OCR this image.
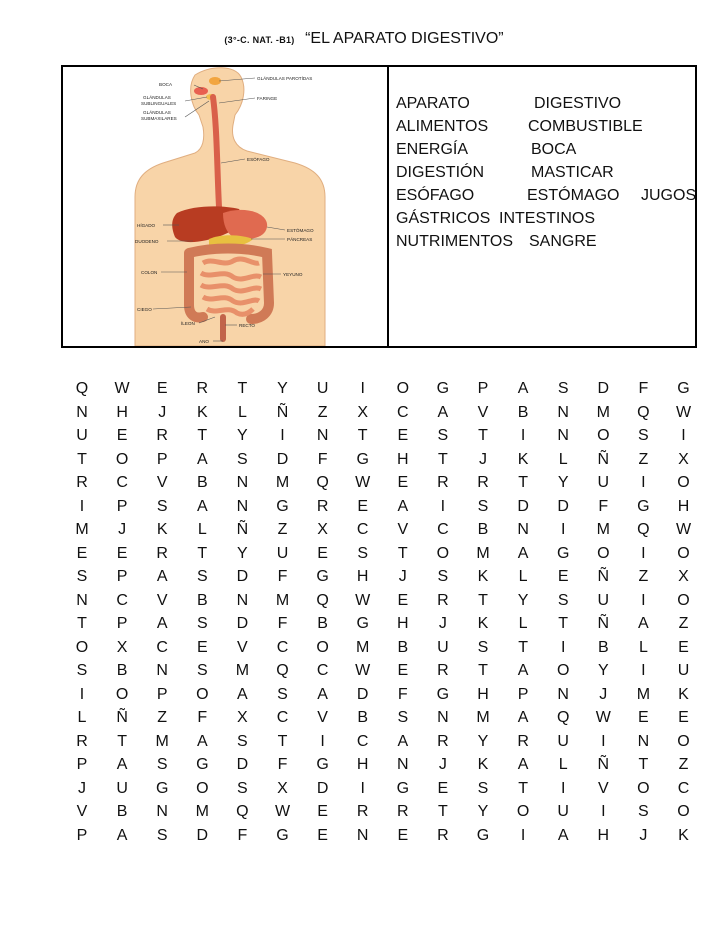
(3°-C. NAT. -B1) “EL APARATO DIGESTIVO”
GLÁNDULAS PAROTÍDAS
BOCA
GLÁNDULAS
SUBLINGUALES
GLÁNDULAS
SUBMAXILARES
FARINGE
ESÓFAGO
HÍGADO
ESTÓMAGO
PÁNCREAS
DUODENO
COLON	YEYUNO
CIEGO
ÍLEON	RECTO
ANO
APARATO	DIGESTIVO
ALIMENTOS COMBUSTIBLE
ENERGÍA	BOCA
DIGESTIÓN	MASTICAR
ESÓFAGO	ESTÓMAGO JUGOS
GÁSTRICOS INTESTINOS
NUTRIMENTOS SANGRE
Q	W	E	R	T	Y	U	I	O	G	P	A	S	D	F	G
N	H	J	K	L	Ñ	Z	X	C	A	V	B	N	M	Q	W
U	E	R	T	Y	I	N	T	E	S	T	I	N	O	S	I
T	O	P	A	S	D	F	G	H	T	J	K	L	Ñ	Z	X
R	C	V	B	N	M	Q	W	E	R	R	T	Y	U	I	O
I	P	S	A	N	G	R	E	A	I	S	D	D	F	G	H
M	J	K	L	Ñ	Z	X	C	V	C	B	N	I	M	Q	W
E	E	R	T	Y	U	E	S	T	O	M	A	G	O	I	O
S	P	A	S	D	F	G	H	J	S	K	L	E	Ñ	Z	X
N	C	V	B	N	M	Q	W	E	R	T	Y	S	U	I	O
T	P	A	S	D	F	B	G	H	J	K	L	T	Ñ	A	Z
O	X	C	E	V	C	O	M	B	U	S	T	I	B	L	E
S	B	N	S	M	Q	C	W	E	R	T	A	O	Y	I	U
I	O	P	O	A	S	A	D	F	G	H	P	N	J	M	K
L	Ñ	Z	F	X	C	V	B	S	N	M	A	Q	W	E	E
R	T	M	A	S	T	I	C	A	R	Y	R	U	I	N	O
P	A	S	G	D	F	G	H	N	J	K	A	L	Ñ	T	Z
J	U	G	O	S	X	D	I	G	E	S	T	I	V	O	C
V	B	N	M	Q	W	E	R	R	T	Y	O	U	I	S	O
P	A	S	D	F	G	E	N	E	R	G	I	A	H	J	K
